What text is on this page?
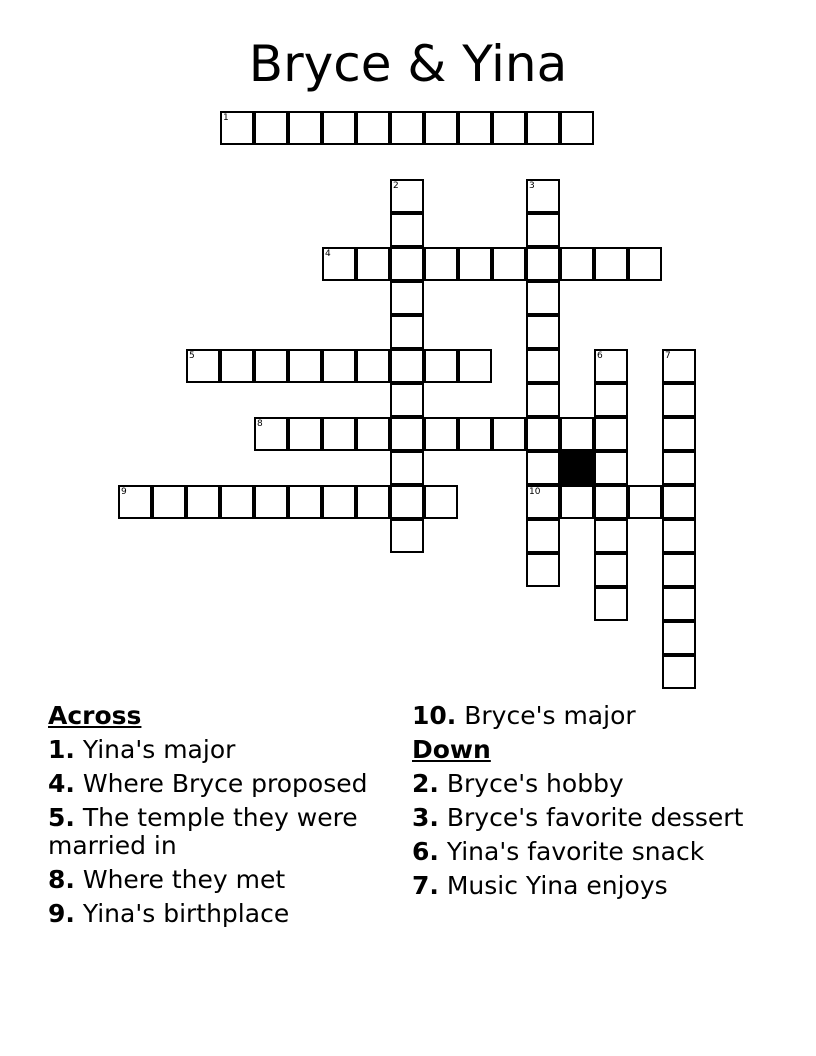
Bryce & Yina
1
2	3
10
4
5	6	7
8
9
Across
1. Yina's major
4. Where Bryce proposed
5. The temple they were married in
8. Where they met
9. Yina's birthplace
10. Bryce's major
Down
2. Bryce's hobby
3. Bryce's favorite dessert
6. Yina's favorite snack
7. Music Yina enjoys
